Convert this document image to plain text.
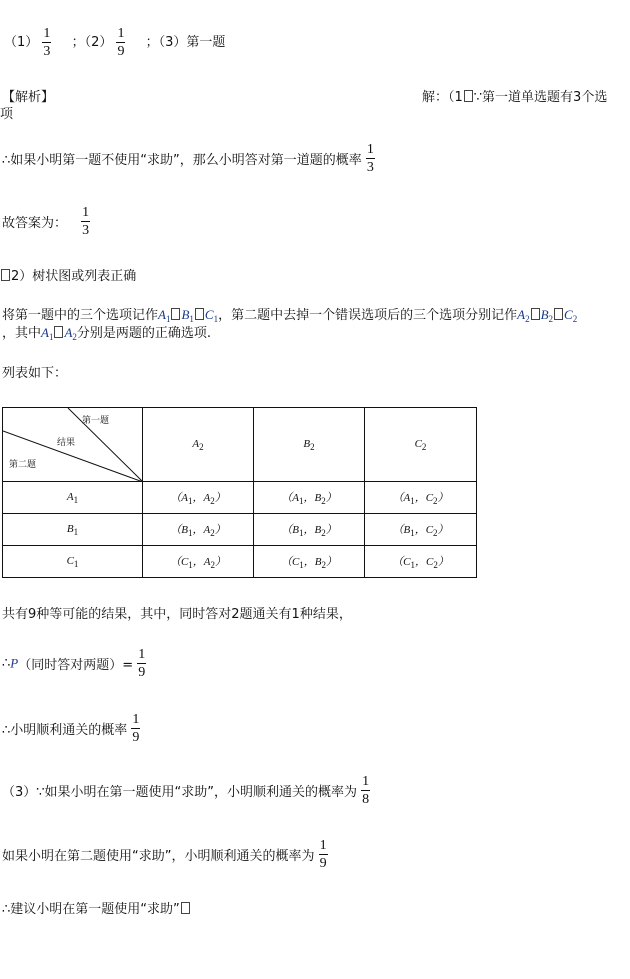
$(1) \frac{1}{3}$ ；$(2) \frac{1}{9}$ ；（3）第一题
【解析】	解：（1 ∵第一道单选题有3个选
项
∴如果小明第一题不使用“求助”，那么小明答对第一道题的概率 $\frac{1}{3}$
故答案为： $\frac{1}{3}$
2）树状图或列表正确
将第一题中的三个选项记作$A_1$ $B_1$ $C_1$，第二题中去掉一个错误选项后的三个选项分别记作$A_2$ $B_2$ $C_2$
，其中$A_1$ $A_2$分别是两题的正确选项.
列表如下：
第一题
结果
第二题	$A_2$	$B_2$	$C_2$
$A_1$	（$A_1$，$A_2$）	（$A_1$，$B_2$）	（$A_1$，$C_2$）
$B_1$	（$B_1$，$A_2$）	（$B_1$，$B_2$）	（$B_1$，$C_2$）
$C_1$	（$C_1$，$A_2$）	（$C_1$，$B_2$）	（$C_1$，$C_2$）
共有9种等可能的结果，其中，同时答对2题通关有1种结果，
∴P（同时答对两题）= $\frac{1}{9}$
∴小明顺利通关的概率 $\frac{1}{9}$
（3）∵如果小明在第一题使用“求助”，小明顺利通关的概率为 $\frac{1}{8}$
如果小明在第二题使用“求助”，小明顺利通关的概率为 $\frac{1}{9}$
∴建议小明在第一题使用“求助”
